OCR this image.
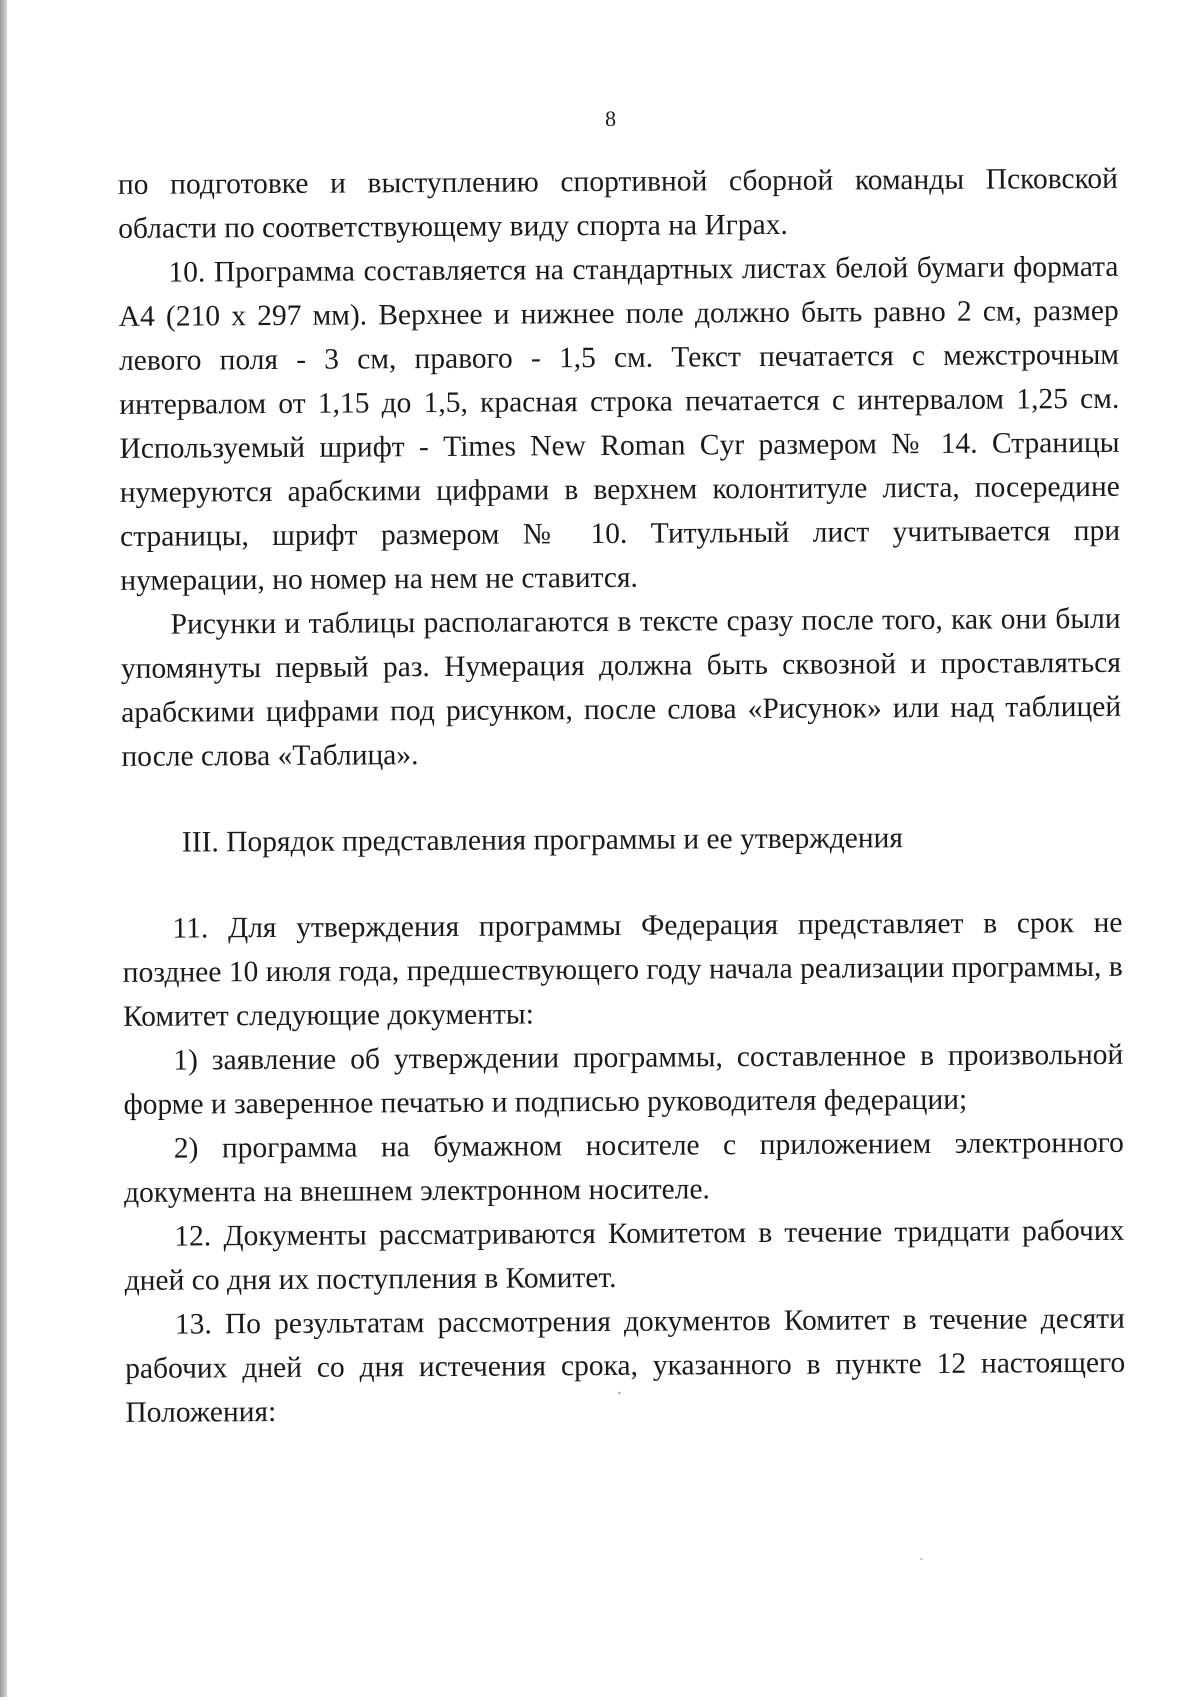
8

по подготовке и выступлению спортивной сборной команды Псковской области по соответствующему виду спорта на Играх.

10. Программа составляется на стандартных листах белой бумаги формата А4 (210 х 297 мм). Верхнее и нижнее поле должно быть равно 2 см, размер левого поля - 3 см, правого - 1,5 см. Текст печатается с межстрочным интервалом от 1,15 до 1,5, красная строка печатается с интервалом 1,25 см. Используемый шрифт - Times New Roman Cyr размером № 14. Страницы нумеруются арабскими цифрами в верхнем колонтитуле листа, посередине страницы, шрифт размером № 10. Титульный лист учитывается при нумерации, но номер на нем не ставится.

Рисунки и таблицы располагаются в тексте сразу после того, как они были упомянуты первый раз. Нумерация должна быть сквозной и проставляться арабскими цифрами под рисунком, после слова «Рисунок» или над таблицей после слова «Таблица».

III. Порядок представления программы и ее утверждения

11. Для утверждения программы Федерация представляет в срок не позднее 10 июля года, предшествующего году начала реализации программы, в Комитет следующие документы:

1) заявление об утверждении программы, составленное в произвольной форме и заверенное печатью и подписью руководителя федерации;

2) программа на бумажном носителе с приложением электронного документа на внешнем электронном носителе.

12. Документы рассматриваются Комитетом в течение тридцати рабочих дней со дня их поступления в Комитет.

13. По результатам рассмотрения документов Комитет в течение десяти рабочих дней со дня истечения срока, указанного в пункте 12 настоящего Положения:
